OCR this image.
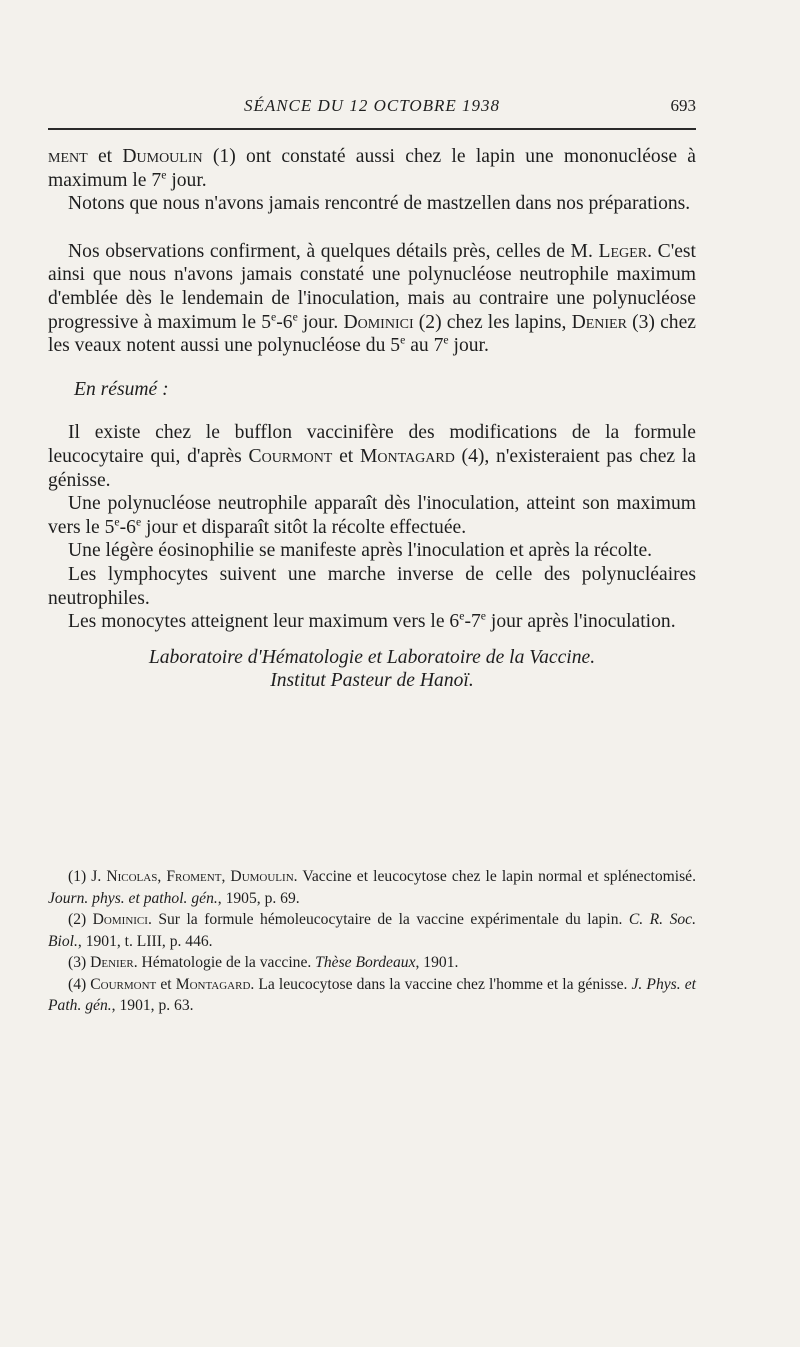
SÉANCE DU 12 OCTOBRE 1938	693

ment et Dumoulin (1) ont constaté aussi chez le lapin une mononucléose à maximum le 7e jour.

Notons que nous n'avons jamais rencontré de mastzellen dans nos préparations.

Nos observations confirment, à quelques détails près, celles de M. Leger. C'est ainsi que nous n'avons jamais constaté une polynucléose neutrophile maximum d'emblée dès le lendemain de l'inoculation, mais au contraire une polynucléose progressive à maximum le 5e-6e jour. Dominici (2) chez les lapins, Denier (3) chez les veaux notent aussi une polynucléose du 5e au 7e jour.

En résumé :

Il existe chez le bufflon vaccinifère des modifications de la formule leucocytaire qui, d'après Courmont et Montagard (4), n'existeraient pas chez la génisse.

Une polynucléose neutrophile apparaît dès l'inoculation, atteint son maximum vers le 5e-6e jour et disparaît sitôt la récolte effectuée.

Une légère éosinophilie se manifeste après l'inoculation et après la récolte.

Les lymphocytes suivent une marche inverse de celle des polynucléaires neutrophiles.

Les monocytes atteignent leur maximum vers le 6e-7e jour après l'inoculation.

Laboratoire d'Hématologie et Laboratoire de la Vaccine.

Institut Pasteur de Hanoï.

(1) J. Nicolas, Froment, Dumoulin. Vaccine et leucocytose chez le lapin normal et splénectomisé. Journ. phys. et pathol. gén., 1905, p. 69.

(2) Dominici. Sur la formule hémoleucocytaire de la vaccine expérimentale du lapin. C. R. Soc. Biol., 1901, t. LIII, p. 446.

(3) Denier. Hématologie de la vaccine. Thèse Bordeaux, 1901.

(4) Courmont et Montagard. La leucocytose dans la vaccine chez l'homme et la génisse. J. Phys. et Path. gén., 1901, p. 63.
